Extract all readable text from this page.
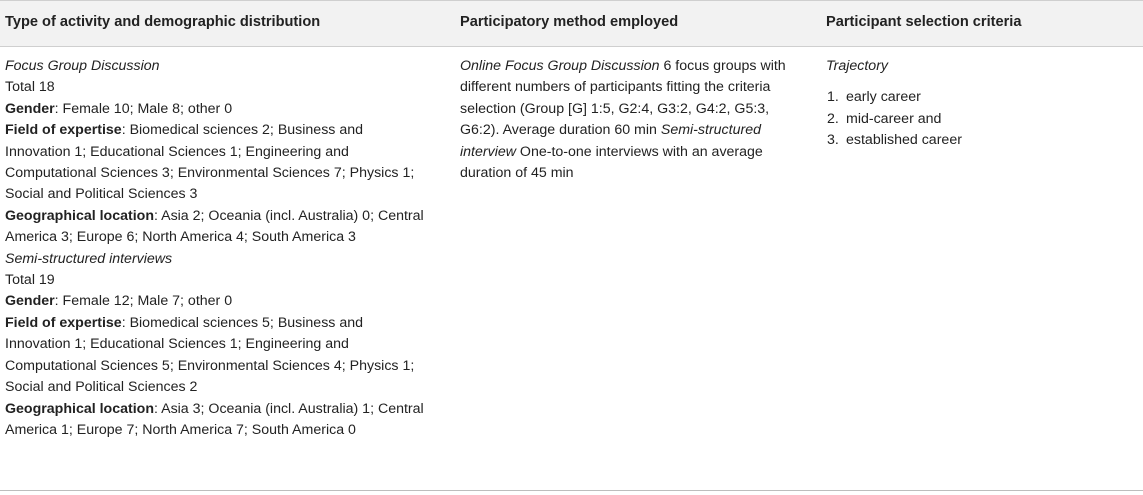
Type of activity and demographic distribution	Participatory method employed	Participant selection criteria
Focus Group Discussion
Total 18
Gender: Female 10; Male 8; other 0
Field of expertise: Biomedical sciences 2; Business and Innovation 1; Educational Sciences 1; Engineering and Computational Sciences 3; Environmental Sciences 7; Physics 1; Social and Political Sciences 3
Geographical location: Asia 2; Oceania (incl. Australia) 0; Central America 3; Europe 6; North America 4; South America 3
Semi-structured interviews
Total 19
Gender: Female 12; Male 7; other 0
Field of expertise: Biomedical sciences 5; Business and Innovation 1; Educational Sciences 1; Engineering and Computational Sciences 5; Environmental Sciences 4; Physics 1; Social and Political Sciences 2
Geographical location: Asia 3; Oceania (incl. Australia) 1; Central America 1; Europe 7; North America 7; South America 0
Online Focus Group Discussion 6 focus groups with different numbers of participants fitting the criteria selection (Group [G] 1:5, G2:4, G3:2, G4:2, G5:3, G6:2). Average duration 60 min Semi-structured interview One-to-one interviews with an average duration of 45 min
Trajectory
1. early career
2. mid-career and
3. established career
